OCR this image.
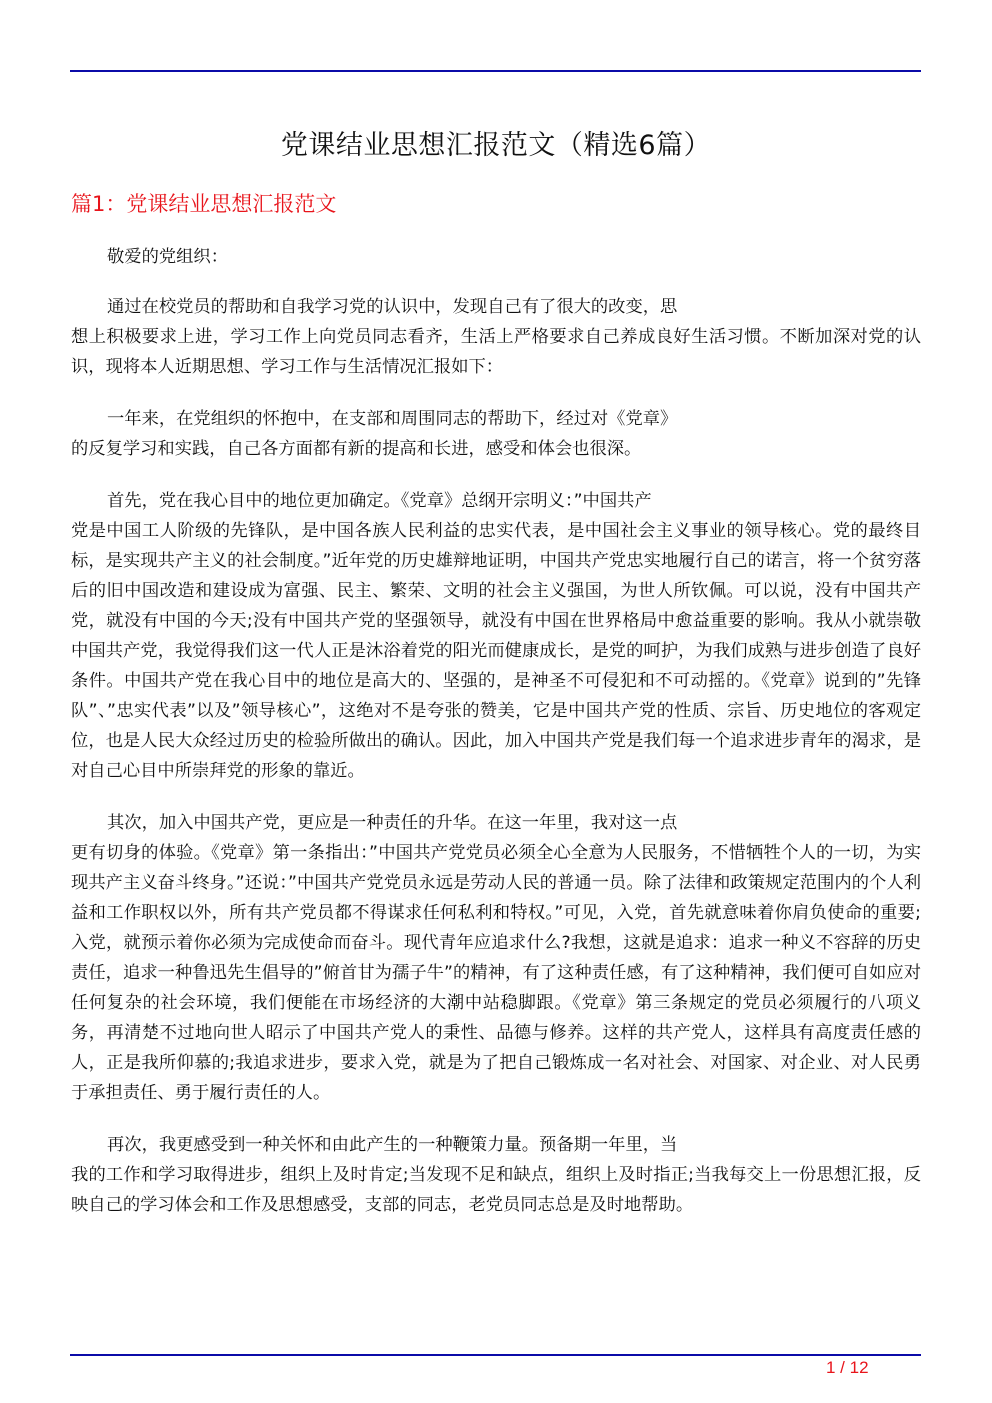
党课结业思想汇报范文（精选6篇）
篇1：党课结业思想汇报范文

敬爱的党组织：

通过在校党员的帮助和自我学习党的认识中，发现自己有了很大的改变，思
想上积极要求上进，学习工作上向党员同志看齐，生活上严格要求自己养成良好生活习惯。不断加深对党的认识，现将本人近期思想、学习工作与生活情况汇报如下：

一年来，在党组织的怀抱中，在支部和周围同志的帮助下，经过对《党章》
的反复学习和实践，自己各方面都有新的提高和长进，感受和体会也很深。

首先，党在我心目中的地位更加确定。《党章》总纲开宗明义：”中国共产
党是中国工人阶级的先锋队，是中国各族人民利益的忠实代表，是中国社会主义事业的领导核心。党的最终目标，是实现共产主义的社会制度。”近年党的历史雄辩地证明，中国共产党忠实地履行自己的诺言，将一个贫穷落后的旧中国改造和建设成为富强、民主、繁荣、文明的社会主义强国，为世人所钦佩。可以说，没有中国共产党，就没有中国的今天;没有中国共产党的坚强领导，就没有中国在世界格局中愈益重要的影响。我从小就崇敬中国共产党，我觉得我们这一代人正是沐浴着党的阳光而健康成长，是党的呵护，为我们成熟与进步创造了良好条件。中国共产党在我心目中的地位是高大的、坚强的，是神圣不可侵犯和不可动摇的。《党章》说到的”先锋队”、”忠实代表”以及”领导核心”，这绝对不是夸张的赞美，它是中国共产党的性质、宗旨、历史地位的客观定位，也是人民大众经过历史的检验所做出的确认。因此，加入中国共产党是我们每一个追求进步青年的渴求，是对自己心目中所崇拜党的形象的靠近。

其次，加入中国共产党，更应是一种责任的升华。在这一年里，我对这一点
更有切身的体验。《党章》第一条指出：”中国共产党党员必须全心全意为人民服务，不惜牺牲个人的一切，为实现共产主义奋斗终身。”还说：”中国共产党党员永远是劳动人民的普通一员。除了法律和政策规定范围内的个人利益和工作职权以外，所有共产党员都不得谋求任何私利和特权。”可见，入党，首先就意味着你肩负使命的重要;入党，就预示着你必须为完成使命而奋斗。现代青年应追求什么?我想，这就是追求：追求一种义不容辞的历史责任，追求一种鲁迅先生倡导的”俯首甘为孺子牛”的精神，有了这种责任感，有了这种精神，我们便可自如应对任何复杂的社会环境，我们便能在市场经济的大潮中站稳脚跟。《党章》第三条规定的党员必须履行的八项义务，再清楚不过地向世人昭示了中国共产党人的秉性、品德与修养。这样的共产党人，这样具有高度责任感的人，正是我所仰慕的;我追求进步，要求入党，就是为了把自己锻炼成一名对社会、对国家、对企业、对人民勇于承担责任、勇于履行责任的人。

再次，我更感受到一种关怀和由此产生的一种鞭策力量。预备期一年里，当
我的工作和学习取得进步，组织上及时肯定;当发现不足和缺点，组织上及时指正;当我每交上一份思想汇报，反映自己的学习体会和工作及思想感受，支部的同志，老党员同志总是及时地帮助。

1 / 12
